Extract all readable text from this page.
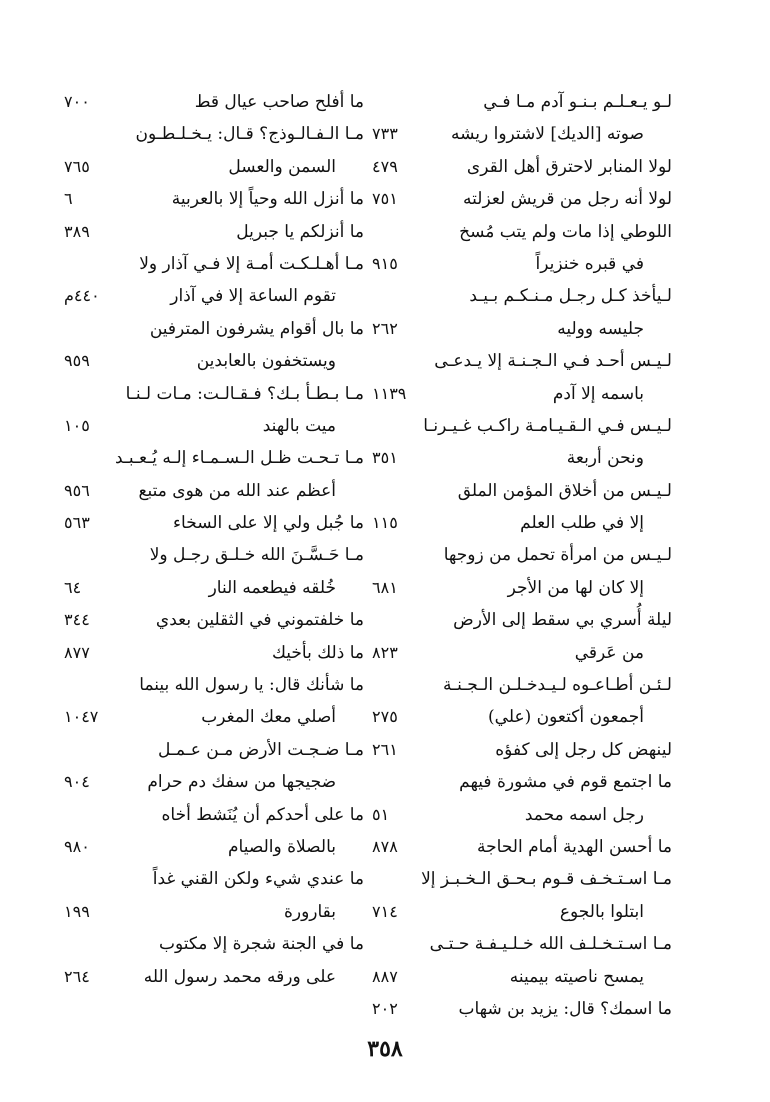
لـو يـعـلـم بـنـو آدم مـا فـي
صوته [الديك] لاشتروا ريشه
٧٣٣
لولا المنابر لاحترق أهل القرى
٤٧٩
لولا أنه رجل من قريش لعزلته
٧٥١
اللوطي إذا مات ولم يتب مُسخ
في قبره خنزيراً
٩١٥
لـيأخذ كـل رجـل مـنـكـم بـيـد
جليسه ووليه
٢٦٢
لـيـس أحـد فـي الـجـنـة إلا يـدعـى
باسمه إلا آدم
١١٣٩
لـيـس فـي الـقـيـامـة راكـب غـيـرنـا
ونحن أربعة
٣٥١
لـيـس من أخلاق المؤمن الملق
إلا في طلب العلم
١١٥
لـيـس من امرأة تحمل من زوجها
إلا كان لها من الأجر
٦٨١
ليلة أُسري بي سقط إلى الأرض
من عَرقي
٨٢٣
لـئـن أطـاعـوه لـيـدخـلـن الـجـنـة
أجمعون أكتعون (علي)
٢٧٥
لينهض كل رجل إلى كفؤه
٢٦١
ما اجتمع قوم في مشورة فيهم
رجل اسمه محمد
٥١
ما أحسن الهدية أمام الحاجة
٨٧٨
مـا اسـتـخـف قـوم بـحـق الـخـبـز إلا
ابتلوا بالجوع
٧١٤
مـا اسـتـخـلـف الله خـلـيـفـة حـتـى
يمسح ناصيته بيمينه
٨٨٧
ما اسمك؟ قال: يزيد بن شهاب
٢٠٢
ما أفلح صاحب عيال قط
٧٠٠
مـا الـفـالـوذج؟ قـال: يـخـلـطـون
السمن والعسل
٧٦٥
ما أنزل الله وحياً إلا بالعربية
٦
ما أنزلكم يا جبريل
٣٨٩
مـا أهـلـكـت أمـة إلا فـي آذار ولا
تقوم الساعة إلا في آذار
٤٤٠م
ما بال أقوام يشرفون المترفين
ويستخفون بالعابدين
٩٥٩
مـا بـطـأ بـك؟ فـقـالـت: مـات لـنـا
ميت بالهند
١٠٥
مـا تـحـت ظـل الـسـمـاء إلـه يُـعـبـد
أعظم عند الله من هوى متبع
٩٥٦
ما جُبل ولي إلا على السخاء
٥٦٣
مـا حَـسَّـنَ الله خـلـق رجـل ولا
خُلقه فيطعمه النار
٦٤
ما خلفتموني في الثقلين بعدي
٣٤٤
ما ذلك بأخيك
٨٧٧
ما شأنك قال: يا رسول الله بينما
أصلي معك المغرب
١٠٤٧
مـا ضـجـت الأرض مـن عـمـل
ضجيجها من سفك دم حرام
٩٠٤
ما على أحدكم أن يُنَشط أخاه
بالصلاة والصيام
٩٨٠
ما عندي شيء ولكن القني غداً
بقارورة
١٩٩
ما في الجنة شجرة إلا مكتوب
على ورقه محمد رسول الله
٢٦٤
٣٥٨
